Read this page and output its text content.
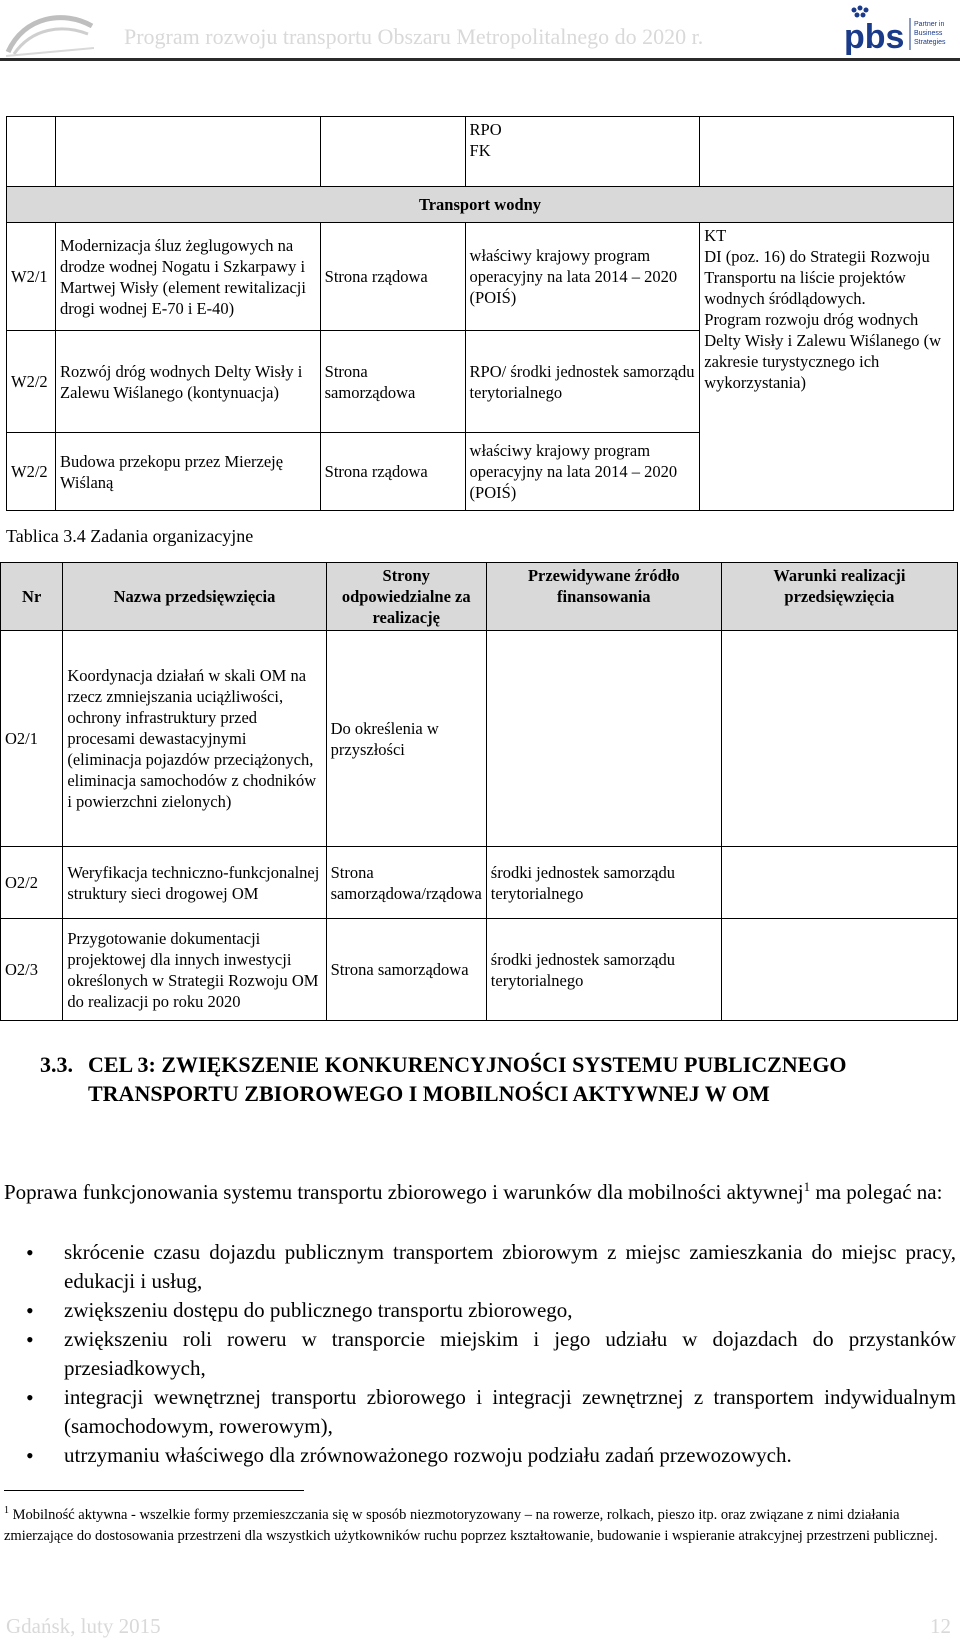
Program rozwoju transportu Obszaru Metropolitalnego do 2020 r.	pbs Partner in
Business
Strategies

			RPO
FK	

Transport wodny				
W2/1	Modernizacja śluz żeglugowych na drodze wodnej Nogatu i Szkarpawy i Martwej Wisły (element rewitalizacji drogi wodnej E-70 i E-40)	Strona rządowa	właściwy krajowy program operacyjny na lata 2014 – 2020 (POIŚ)	KT
DI (poz. 16) do Strategii Rozwoju Transportu na liście projektów wodnych śródlądowych.
Program rozwoju dróg wodnych Delty Wisły i Zalewu Wiślanego (w zakresie turystycznego ich wykorzystania)
W2/2	Rozwój dróg wodnych Delty Wisły i Zalewu Wiślanego (kontynuacja)	Strona samorządowa	RPO/ środki jednostek samorządu terytorialnego	
W2/2	Budowa przekopu przez Mierzeję Wiślaną	Strona rządowa	właściwy krajowy program operacyjny na lata 2014 – 2020 (POIŚ)	
Tablica 3.4 Zadania organizacyjne
Nr	Nazwa przedsięwzięcia	Strony odpowiedzialne za realizację	Przewidywane źródło finansowania	Warunki realizacji przedsięwzięcia
O2/1	Koordynacja działań w skali OM na rzecz zmniejszania uciążliwości, ochrony infrastruktury przed procesami dewastacyjnymi (eliminacja pojazdów przeciążonych, eliminacja samochodów z chodników i powierzchni zielonych)	Do określenia w przyszłości		
O2/2	Weryfikacja techniczno-funkcjonalnej struktury sieci drogowej OM	Strona samorządowa/rządowa	środki jednostek samorządu terytorialnego	
O2/3	Przygotowanie dokumentacji projektowej dla innych inwestycji określonych w Strategii Rozwoju OM do realizacji po roku 2020	Strona samorządowa	środki jednostek samorządu terytorialnego	
3.3. CEL 3: ZWIĘKSZENIE KONKURENCYJNOŚCI SYSTEMU PUBLICZNEGO TRANSPORTU ZBIOROWEGO I MOBILNOŚCI AKTYWNEJ W OM
Poprawa funkcjonowania systemu transportu zbiorowego i warunków dla mobilności aktywnej$^1$ ma polegać na:
• skrócenie czasu dojazdu publicznym transportem zbiorowym z miejsc zamieszkania do miejsc pracy, edukacji i usług,
• zwiększeniu dostępu do publicznego transportu zbiorowego,
• zwiększeniu roli roweru w transporcie miejskim i jego udziału w dojazdach do przystanków przesiadkowych,
• integracji wewnętrznej transportu zbiorowego i integracji zewnętrznej z transportem indywidualnym (samochodowym, rowerowym),
• utrzymaniu właściwego dla zrównoważonego rozwoju podziału zadań przewozowych.
$^1$ Mobilność aktywna - wszelkie formy przemieszczania się w sposób niezmotoryzowany – na rowerze, rolkach, pieszo itp. oraz związane z nimi działania zmierzające do dostosowania przestrzeni dla wszystkich użytkowników ruchu poprzez kształtowanie, budowanie i wspieranie atrakcyjnej przestrzeni publicznej.
Gdańsk, luty 2015	12
